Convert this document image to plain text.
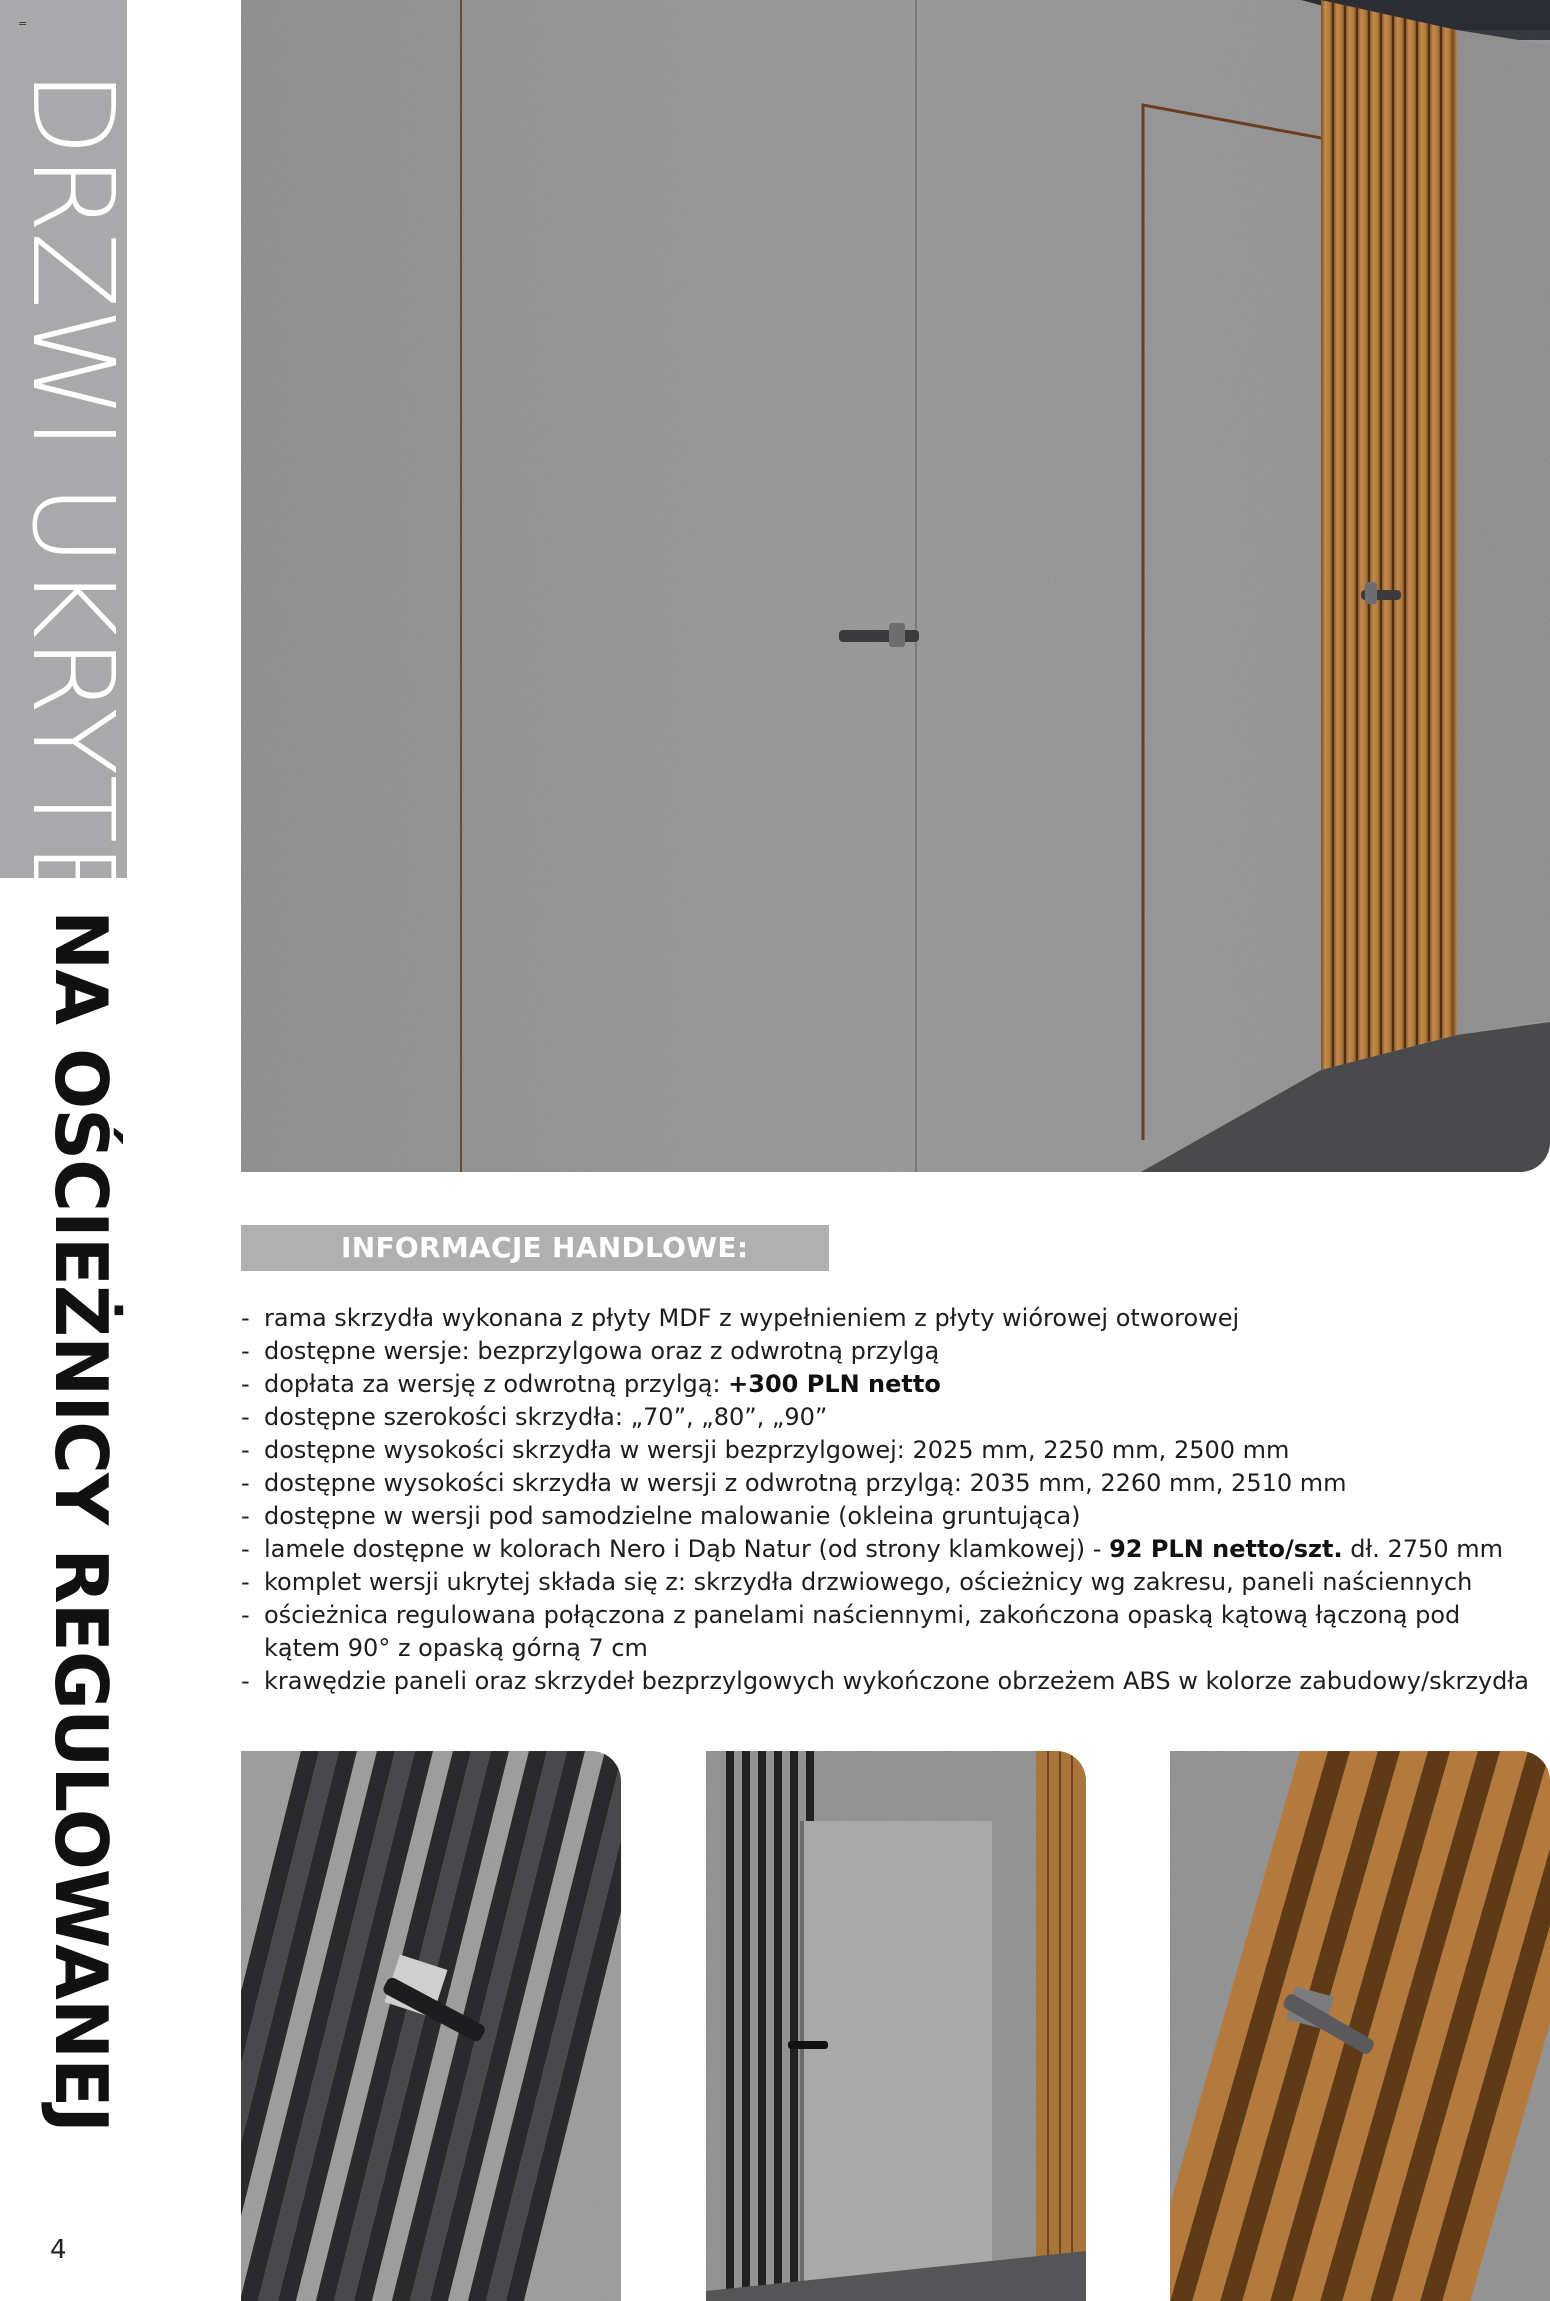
=
DRZWI UKRYTE
NA OŚCIEŻNICY REGULOWANEJ
4
INFORMACJE HANDLOWE:
- rama skrzydła wykonana z płyty MDF z wypełnieniem z płyty wiórowej otworowej
- dostępne wersje: bezprzylgowa oraz z odwrotną przylgą
- dopłata za wersję z odwrotną przylgą: +300 PLN netto
- dostępne szerokości skrzydła: „70”, „80”, „90”
- dostępne wysokości skrzydła w wersji bezprzylgowej: 2025 mm, 2250 mm, 2500 mm
- dostępne wysokości skrzydła w wersji z odwrotną przylgą: 2035 mm, 2260 mm, 2510 mm
- dostępne w wersji pod samodzielne malowanie (okleina gruntująca)
- lamele dostępne w kolorach Nero i Dąb Natur (od strony klamkowej) - 92 PLN netto/szt. dł. 2750 mm
- komplet wersji ukrytej składa się z: skrzydła drzwiowego, ościeżnicy wg zakresu, paneli naściennych
- ościeżnica regulowana połączona z panelami naściennymi, zakończona opaską kątową łączoną pod kątem 90° z opaską górną 7 cm
- krawędzie paneli oraz skrzydeł bezprzylgowych wykończone obrzeżem ABS w kolorze zabudowy/skrzydła
